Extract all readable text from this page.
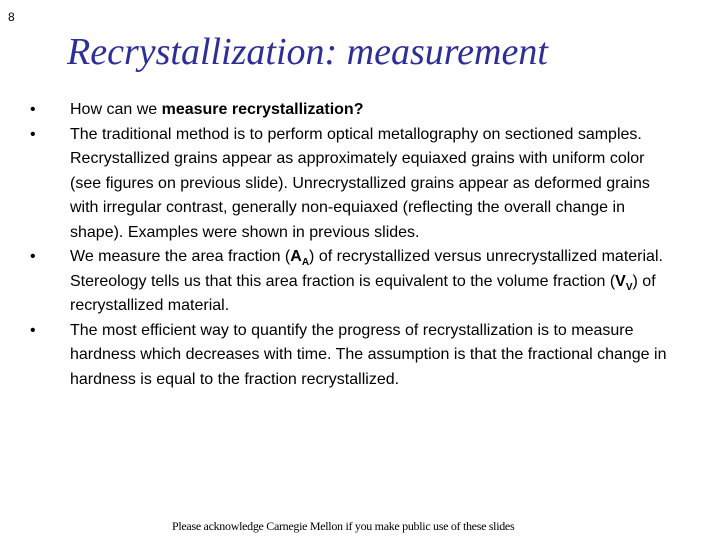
8
Recrystallization: measurement
•	How can we measure recrystallization?
•	The traditional method is to perform optical metallography on sectioned samples. Recrystallized grains appear as approximately equiaxed grains with uniform color (see figures on previous slide). Unrecrystallized grains appear as deformed grains with irregular contrast, generally non-equiaxed (reflecting the overall change in shape). Examples were shown in previous slides.
•	We measure the area fraction $(A_A)$ of recrystallized versus unrecrystallized material. Stereology tells us that this area fraction is equivalent to the volume fraction $(V_V)$ of recrystallized material.
•	The most efficient way to quantify the progress of recrystallization is to measure hardness which decreases with time. The assumption is that the fractional change in hardness is equal to the fraction recrystallized.
Please acknowledge Carnegie Mellon if you make public use of these slides
